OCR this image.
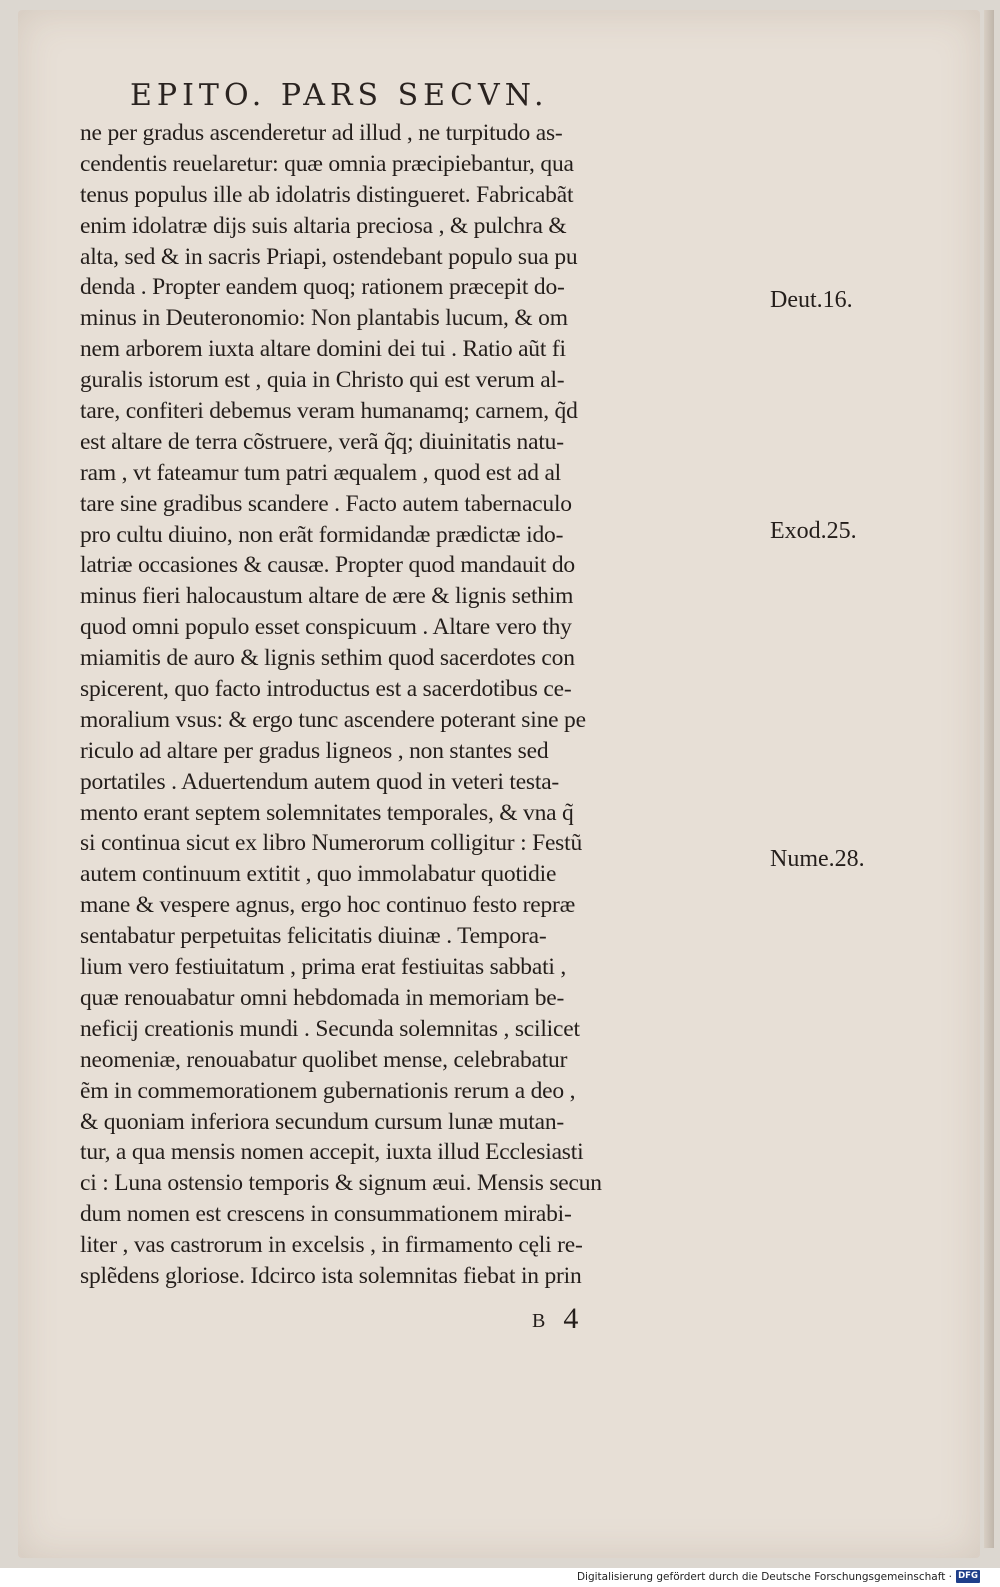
EPITO. PARS SECVN.
ne per gradus ascenderetur ad illud , ne turpitudo as-
cendentis reuelaretur: quæ omnia præcipiebantur, qua
tenus populus ille ab idolatris distingueret. Fabricabãt
enim idolatræ dijs suis altaria preciosa , & pulchra &
alta, sed & in sacris Priapi, ostendebant populo sua pu
denda . Propter eandem quoq; rationem præcepit do-
minus in Deuteronomio: Non plantabis lucum, & om
nem arborem iuxta altare domini dei tui . Ratio aũt fi
guralis istorum est , quia in Christo qui est verum al-
tare, confiteri debemus veram humanamq; carnem, q̃d
est altare de terra cõstruere, verã q̃q; diuinitatis natu-
ram , vt fateamur tum patri æqualem , quod est ad al
tare sine gradibus scandere . Facto autem tabernaculo
pro cultu diuino, non erãt formidandæ prædictæ ido-
latriæ occasiones & causæ. Propter quod mandauit do
minus fieri halocaustum altare de ære & lignis sethim
quod omni populo esset conspicuum . Altare vero thy
miamitis de auro & lignis sethim quod sacerdotes con
spicerent, quo facto introductus est a sacerdotibus ce-
moralium vsus: & ergo tunc ascendere poterant sine pe
riculo ad altare per gradus ligneos , non stantes sed
portatiles . Aduertendum autem quod in veteri testa-
mento erant septem solemnitates temporales, & vna q̃
si continua sicut ex libro Numerorum colligitur : Festũ
autem continuum extitit , quo immolabatur quotidie
mane & vespere agnus, ergo hoc continuo festo repræ
sentabatur perpetuitas felicitatis diuinæ . Tempora-
lium vero festiuitatum , prima erat festiuitas sabbati ,
quæ renouabatur omni hebdomada in memoriam be-
neficij creationis mundi . Secunda solemnitas , scilicet
neomeniæ, renouabatur quolibet mense, celebrabatur
ẽm in commemorationem gubernationis rerum a deo ,
& quoniam inferiora secundum cursum lunæ mutan-
tur, a qua mensis nomen accepit, iuxta illud Ecclesiasti
ci : Luna ostensio temporis & signum æui. Mensis secun
dum nomen est crescens in consummationem mirabi-
liter , vas castrorum in excelsis , in firmamento cęli re-
splẽdens gloriose. Idcirco ista solemnitas fiebat in prin
Deut.16.
Exod.25.
Nume.28.
B 4
Digitalisierung gefördert durch die Deutsche Forschungsgemeinschaft · DFG
